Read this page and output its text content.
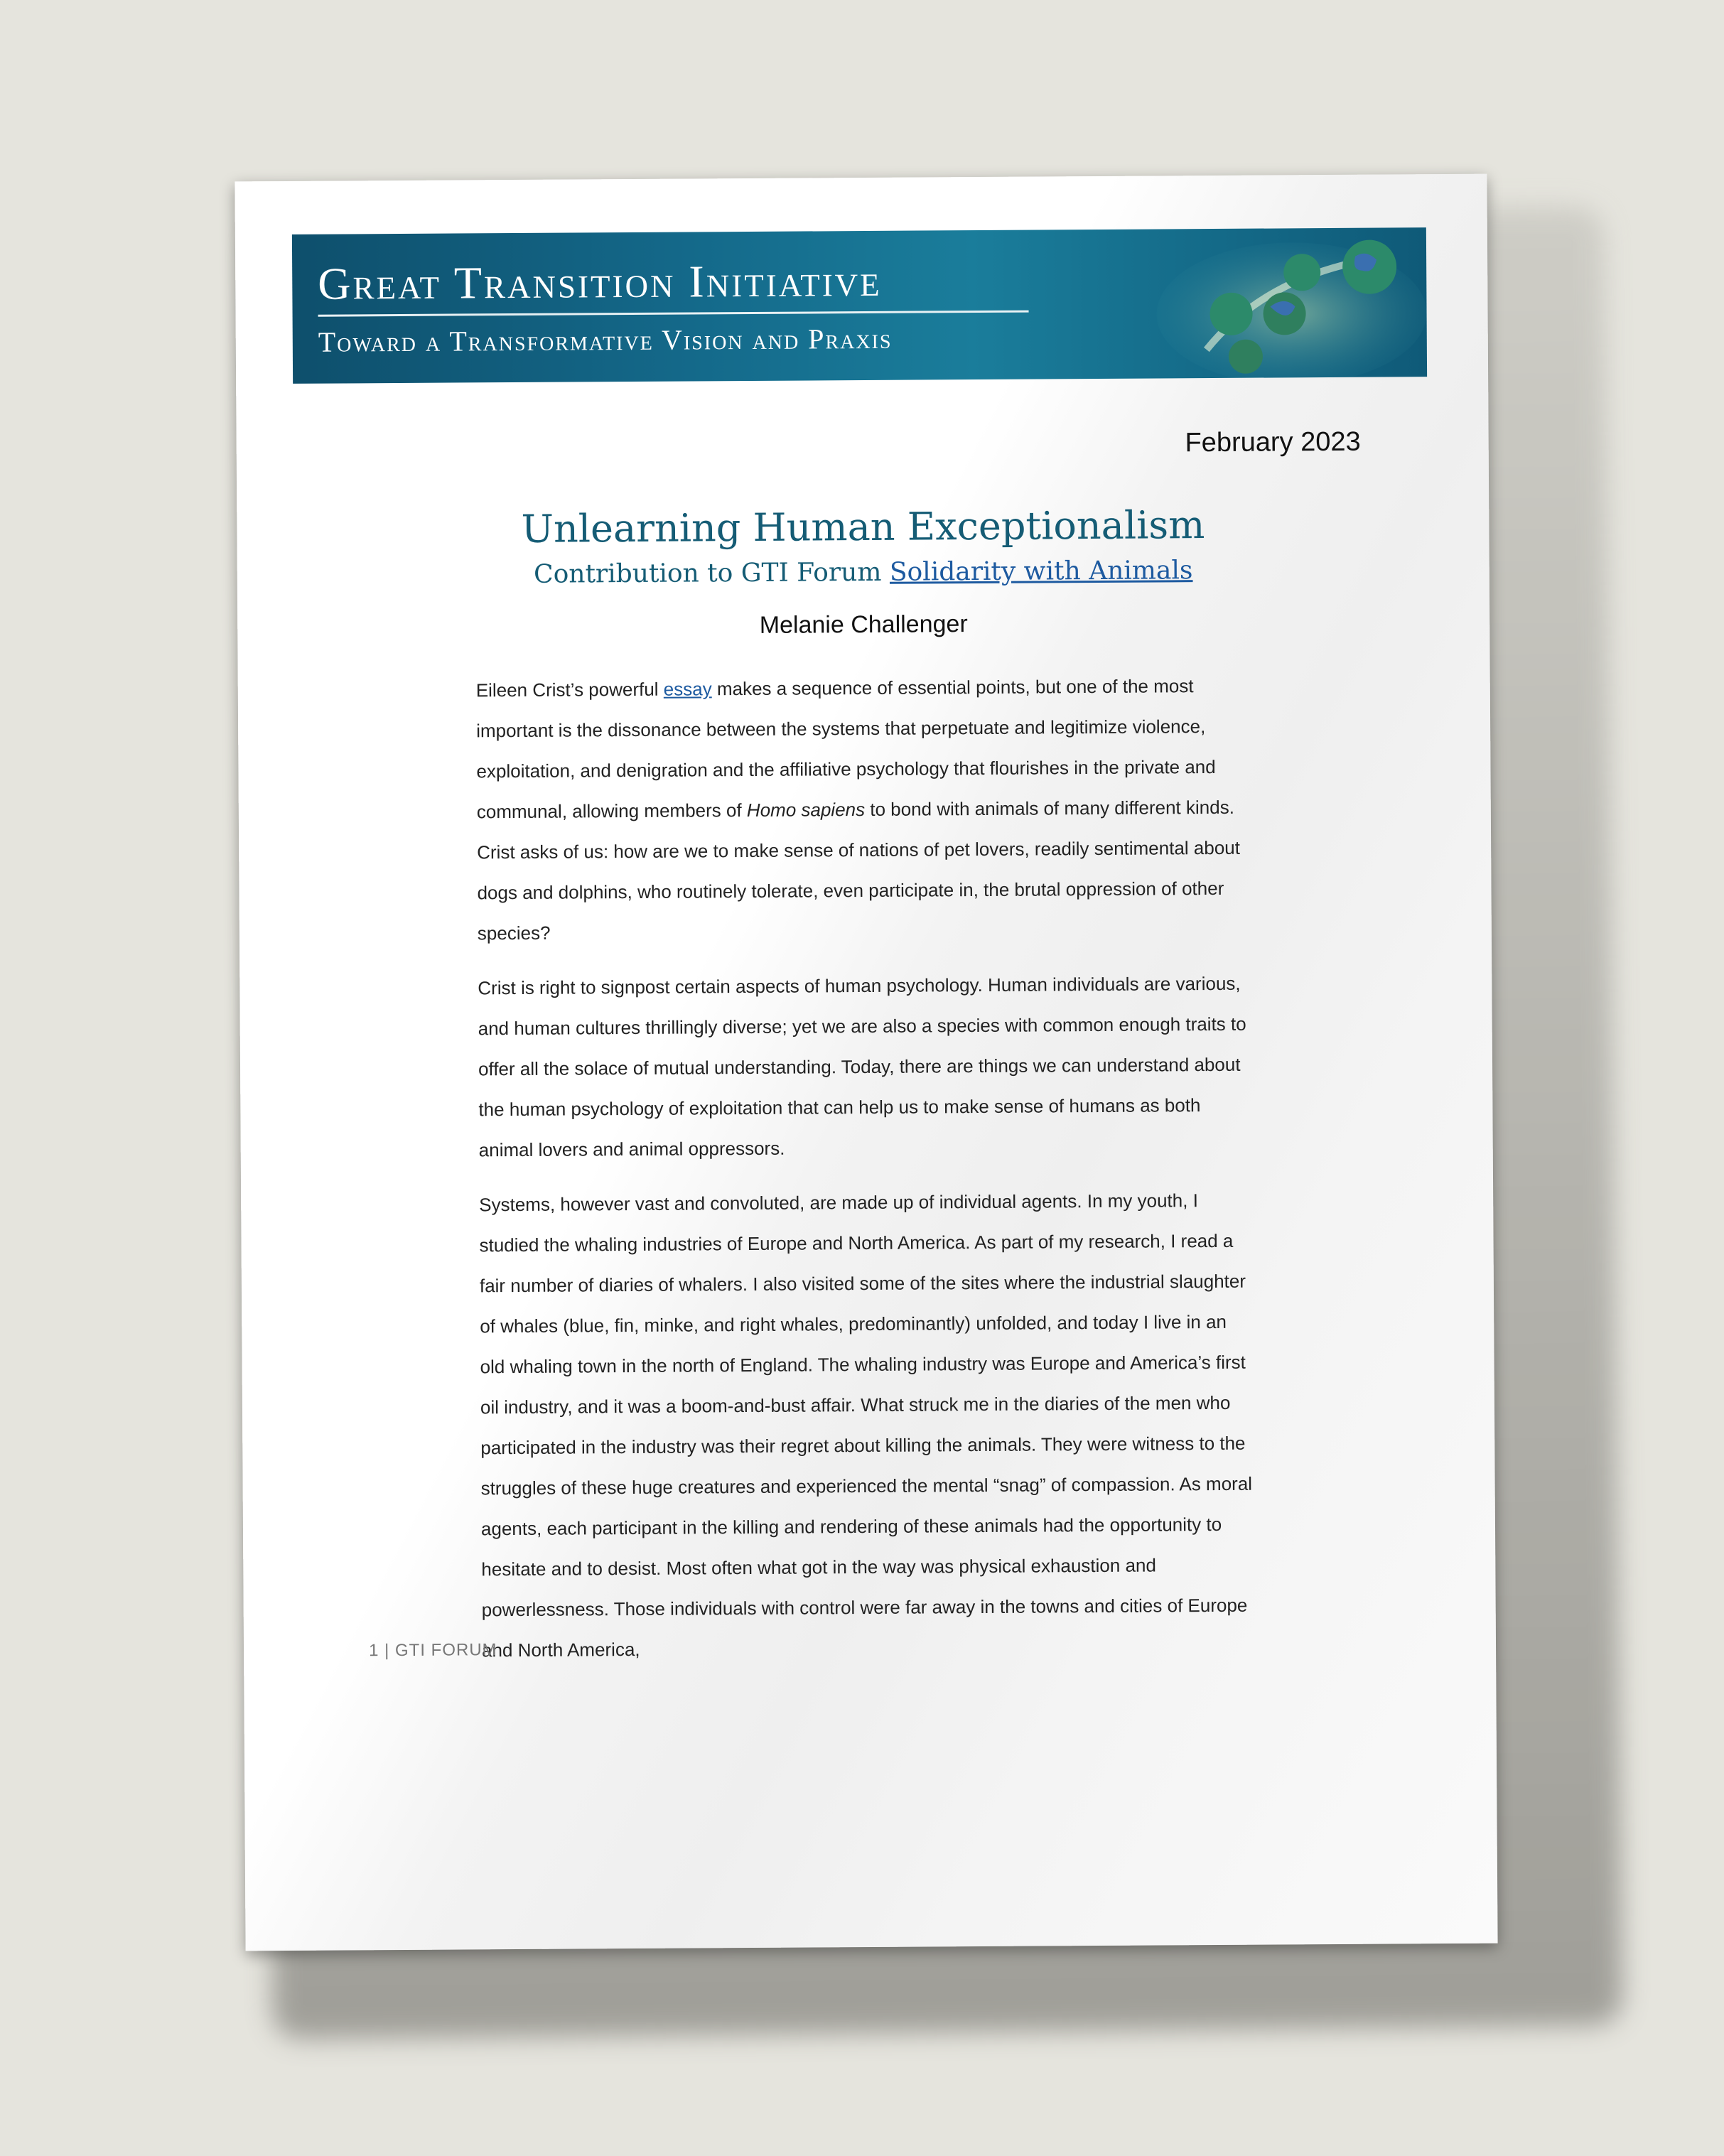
Great Transition Initiative
Toward a Transformative Vision and Praxis
February 2023
Unlearning Human Exceptionalism
Contribution to GTI Forum Solidarity with Animals
Melanie Challenger

Eileen Crist’s powerful essay makes a sequence of essential points, but one of the most important is the dissonance between the systems that perpetuate and legitimize violence, exploitation, and denigration and the affiliative psychology that flourishes in the private and communal, allowing members of Homo sapiens to bond with animals of many different kinds. Crist asks of us: how are we to make sense of nations of pet lovers, readily sentimental about dogs and dolphins, who routinely tolerate, even participate in, the brutal oppression of other species?

Crist is right to signpost certain aspects of human psychology. Human individuals are various, and human cultures thrillingly diverse; yet we are also a species with common enough traits to offer all the solace of mutual understanding. Today, there are things we can understand about the human psychology of exploitation that can help us to make sense of humans as both animal lovers and animal oppressors.

Systems, however vast and convoluted, are made up of individual agents. In my youth, I studied the whaling industries of Europe and North America. As part of my research, I read a fair number of diaries of whalers. I also visited some of the sites where the industrial slaughter of whales (blue, fin, minke, and right whales, predominantly) unfolded, and today I live in an old whaling town in the north of England. The whaling industry was Europe and America’s first oil industry, and it was a boom-and-bust affair. What struck me in the diaries of the men who participated in the industry was their regret about killing the animals. They were witness to the struggles of these huge creatures and experienced the mental “snag” of compassion. As moral agents, each participant in the killing and rendering of these animals had the opportunity to hesitate and to desist. Most often what got in the way was physical exhaustion and powerlessness. Those individuals with control were far away in the towns and cities of Europe and North America,

1 | GTI FORUM
